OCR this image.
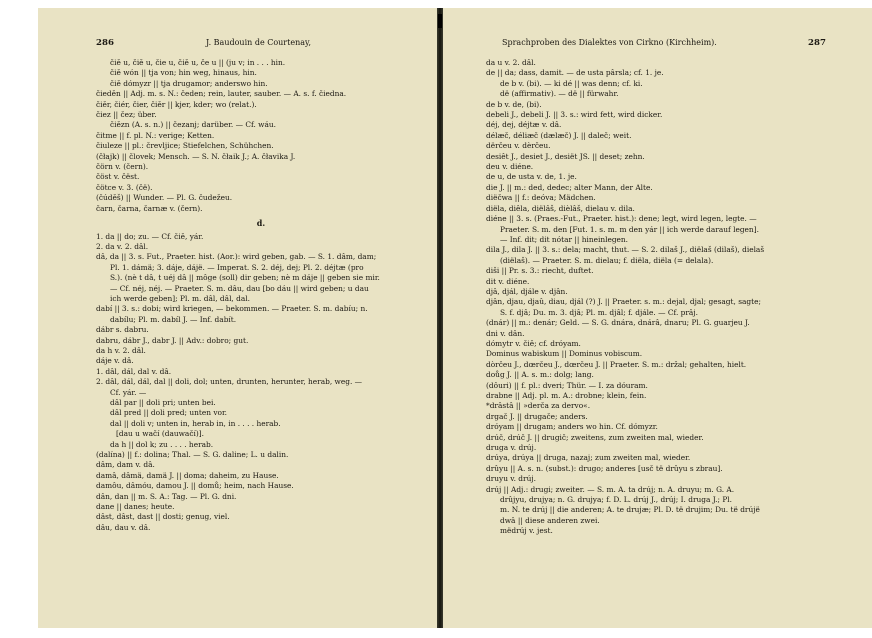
286	J. Baudouin de Courtenay,
čiě u, čiě u, čie u, čiě u, če u || (ju v; in . . . hin.
čiě wón || tja von; hin weg, hinaus, hin.
čiě dómyzr || tja drugamor; anderswo hin.
čieděn || Adj. m. s. N.: čeden; rein, lauter, sauber. — A. s. f. čiedna.
čiěr, čiér, čier, čiěr || kjer, kder; wo (relat.).
čiez || čez; über.
čiězn (A. s. n.) || čezanj; darüber. — Cf. wáu.
čitme || f. pl. N.: verige; Ketten.
čiuleze || pl.: črevljice; Stiefelchen, Schühchen.
(čłajk) || človek; Mensch. — S. N. čłaik J.; A. čłavika J.
čörn v. (čern).
čöst v. čëst.
čötce v. 3. (čë).
(čúděš) || Wunder. — Pl. G. čudežeu.
čarn, čarna, čarnæ v. (čern).
d.
1. da || do; zu. — Cf. čiě, yár.
2. da v. 2. dâl.
dâ, da || 3. s. Fut., Praeter. hist. (Aor.): wird geben, gab. — S. 1. dâm, dam;
Pl. 1. dámä; 3. dáje, dájë. — Imperat. S. 2. déj, dej; Pl. 2. déjtæ (pro
S.). (nè t dâ, t uéj dâ || môge (soll) dir geben; nè m dáje || geben sie mir.
— Cf. néj, néj. — Praeter. S. m. dâu, dau [bo dáu || wird geben; u dau
ich werde geben]; Pl. m. dâl, dâl, dal.
dabí || 3. s.: dobi; wird kriegen, — bekommen. — Praeter. S. m. dabíu; n.
dabílu; Pl. m. dabíl J. — Inf. dabít.
dábr s. dabru.
dabru, dábr J., dabr J. || Adv.: dobro; gut.
da h v. 2. dâl.
dáje v. dâ.
1. dâl, dál, dal v. dâ.
2. dâl, dál, dál, dal || doli, dol; unten, drunten, herunter, herab, weg. —
Cf. yár. —
dâl par || doli pri; unten bei.
dâl pred || doli pred; unten vor.
dal || doli v; unten in, herab in, in . . . . herab.
[dau u wačí (dauwačí)].
da h || dol k; zu . . . . herab.
(dalína) || f.: dolina; Thal. — S. G. daline; L. u dalin.
dâm, dam v. dâ.
damâ, dâmä, damä J. || doma; daheim, zu Hause.
damôu, dâmóu, damou J. || domů; heim, nach Hause.
dân, dan || m. S. A.: Tag. — Pl. G. dni.
dane || danes; heute.
dâst, dâst, dast || dosti; genug, viel.
dâu, dau v. dâ.
Sprachproben des Dialektes von Cirkno (Kirchheim).	287
da u v. 2. dâl.
de || da; dass, damit. — de usta pârsla; cf. 1. je.
de b v. (bi). — ki dé || was denn; cf. ki.
dë (affirmativ). — dë || fürwahr.
de b v. de, (bi).
debeli J., debeli J. || 3. s.: wird fett, wird dicker.
déj, dej, déjtæ v. dâ.
délæč, déliæč (dælæč) J. || daleč; weit.
dërčeu v. dèrčeu.
desiêt J., desiet J., desiët JS. || deset; zehn.
deu v. diéne.
de u, de usta v. de, 1. je.
die J. || m.: ded, dedec; alter Mann, der Alte.
diëčwa || f.: deóva; Mädchen.
diëla, diêla, diëlâš, dièlâš, dielau v. dila.
diéne || 3. s. (Praes.-Fut., Praeter. hist.): dene; legt, wird legen, legte. —
Praeter. S. m. den [Fut. 1. s. m. m den yár || ich werde darauf legen].
— Inf. dit; dit nótar || hineinlegen.
dila J., dila J. || 3. s.: dela; macht, thut. — S. 2. dilaš J., diëlaš (dilaš), dielaš
(diëlaš). — Praeter. S. m. dielau; f. diëla, diëla (= delala).
diši || Pr. s. 3.: riecht, duftet.
dit v. diéne.
djâ, djál, djále v. djân.
djân, djau, djaû, diau, djál (?) J. || Praeter. s. m.: dejal, djal; gesagt, sagte;
S. f. djâ; Du. m. 3. djâ; Pl. m. djâl; f. djále. — Cf. prâj.
(dnár) || m.: denár; Geld. — S. G. dnára, dnárâ, dnaru; Pl. G. guarjeu J.
dni v. dân.
dómytr v. čiě; cf. dróyam.
Dominus wabiskum || Dominus vobiscum.
dòrčeu J., dœrčeu J., dœrčeu J. || Praeter. S. m.: držal; gehalten, hielt.
doůg J. || A. s. m.: dolg; lang.
(dôuri) || f. pl.: dveri; Thür. — I. za dóuram.
drabne || Adj. pl. m. A.: drobne; klein, fein.
*drâstâ || »derča za dervo«.
drgač J. || drugače; anders.
dróyam || drugam; anders wo hin. Cf. dómyzr.
drúč, drúč J. || drugič; zweitens, zum zweiten mal, wieder.
druga v. drúj.
drúya, drúya || druga, nazaj; zum zweiten mal, wieder.
drûyu || A. s. n. (subst.): drugo; anderes [usč të drûyu s zbrau].
druyu v. drúj.
drúj || Adj.: drugi; zweiter. — S. m. A. ta drúj; n. A. druyu; m. G. A.
drûjyu, drujya; n. G. drujya; f. D. L. drúj J., drúj; I. druga J.; Pl.
m. N. te drúj || die anderen; A. te drujæ; Pl. D. të drujim; Du. të drújë
dwâ || diese anderen zwei.
mëdrúj v. jest.
